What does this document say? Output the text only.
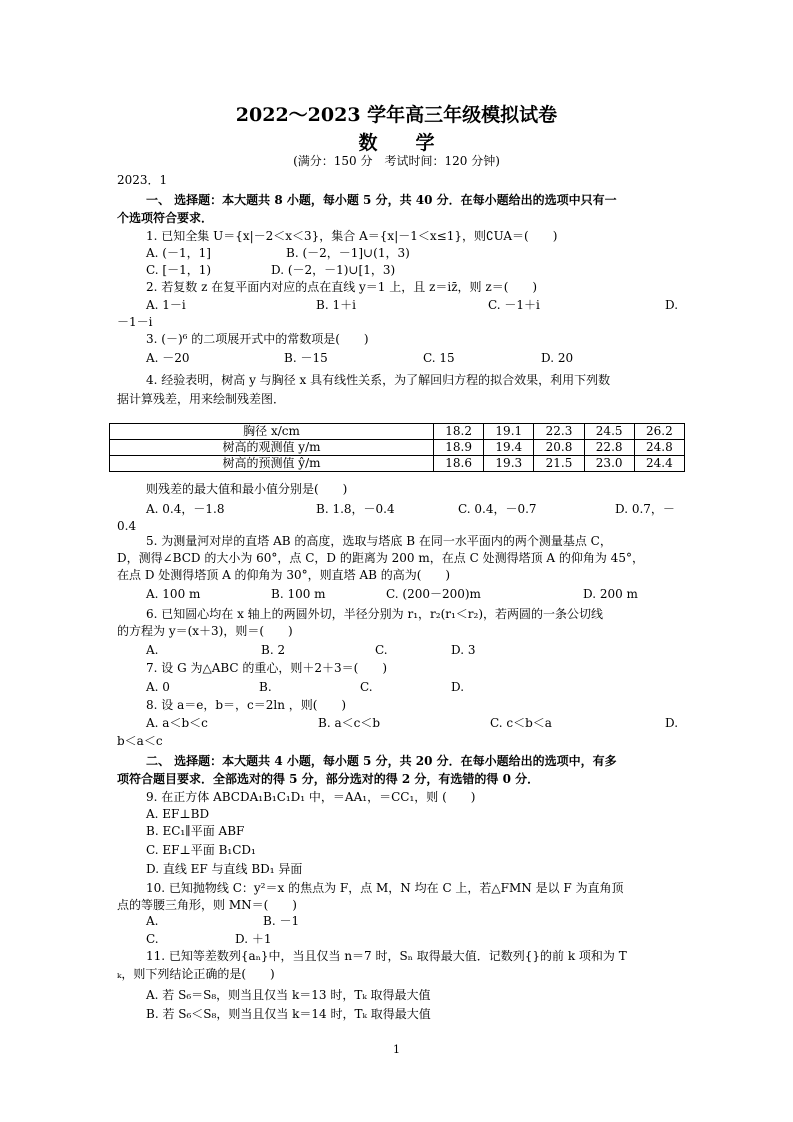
2022～2023 学年高三年级模拟试卷
数　　学
(满分：150 分　考试时间：120 分钟)
2023．1
一、 选择题：本大题共 8 小题，每小题 5 分，共 40 分．在每小题给出的选项中只有一
个选项符合要求．
1. 已知全集 U＝{x|－2＜x＜3}，集合 A＝{x|－1＜x≤1}，则∁UA＝(　　)
A. (－1，1]	B. (－2，－1]∪(1，3)
C. [－1，1)	D. (－2，－1)∪[1，3)
2. 若复数 z 在复平面内对应的点在直线 y＝1 上，且 z＝iz̄，则 z＝(　　)
A. 1－i	B. 1＋i	C. －1＋i	D.
－1－i
3. (－)⁶ 的二项展开式中的常数项是(　　)
A. －20	B. －15	C. 15	D. 20
4. 经验表明，树高 y 与胸径 x 具有线性关系，为了解回归方程的拟合效果，利用下列数
据计算残差，用来绘制残差图．
胸径 x/cm	18.2	19.1	22.3	24.5	26.2
树高的观测值 y/m	18.9	19.4	20.8	22.8	24.8
树高的预测值 ŷ/m	18.6	19.3	21.5	23.0	24.4
则残差的最大值和最小值分别是(　　)
A. 0.4，－1.8	B. 1.8，－0.4	C. 0.4，－0.7	D. 0.7，－
0.4
5. 为测量河对岸的直塔 AB 的高度，选取与塔底 B 在同一水平面内的两个测量基点 C，
D，测得∠BCD 的大小为 60°，点 C，D 的距离为 200 m，在点 C 处测得塔顶 A 的仰角为 45°，
在点 D 处测得塔顶 A 的仰角为 30°，则直塔 AB 的高为(　　)
A. 100 m	B. 100 m	C. (200－200)m	D. 200 m
6. 已知圆心均在 x 轴上的两圆外切，半径分别为 r₁，r₂(r₁＜r₂)，若两圆的一条公切线
的方程为 y＝(x＋3)，则＝(　　)
A.	B. 2	C.	D. 3
7. 设 G 为△ABC 的重心，则＋2＋3＝(　　)
A. 0	B.	C.	D.
8. 设 a＝e，b＝，c＝2ln ，则(　　)
A. a＜b＜c	B. a＜c＜b	C. c＜b＜a	D.
b＜a＜c
二、 选择题：本大题共 4 小题，每小题 5 分，共 20 分．在每小题给出的选项中，有多
项符合题目要求．全部选对的得 5 分，部分选对的得 2 分，有选错的得 0 分．
9. 在正方体 ABCDA₁B₁C₁D₁ 中，＝AA₁，＝CC₁，则 (　　)
A. EF⊥BD
B. EC₁∥平面 ABF
C. EF⊥平面 B₁CD₁
D. 直线 EF 与直线 BD₁ 异面
10. 已知抛物线 C：y²＝x 的焦点为 F，点 M，N 均在 C 上，若△FMN 是以 F 为直角顶
点的等腰三角形，则 MN＝(　　)
A.	B. －1
C.	D. ＋1
11. 已知等差数列{aₙ}中，当且仅当 n＝7 时，Sₙ 取得最大值．记数列{}的前 k 项和为 T
ₖ，则下列结论正确的是(　　)
A. 若 S₆＝S₈，则当且仅当 k＝13 时，Tₖ 取得最大值
B. 若 S₆＜S₈，则当且仅当 k＝14 时，Tₖ 取得最大值
1
